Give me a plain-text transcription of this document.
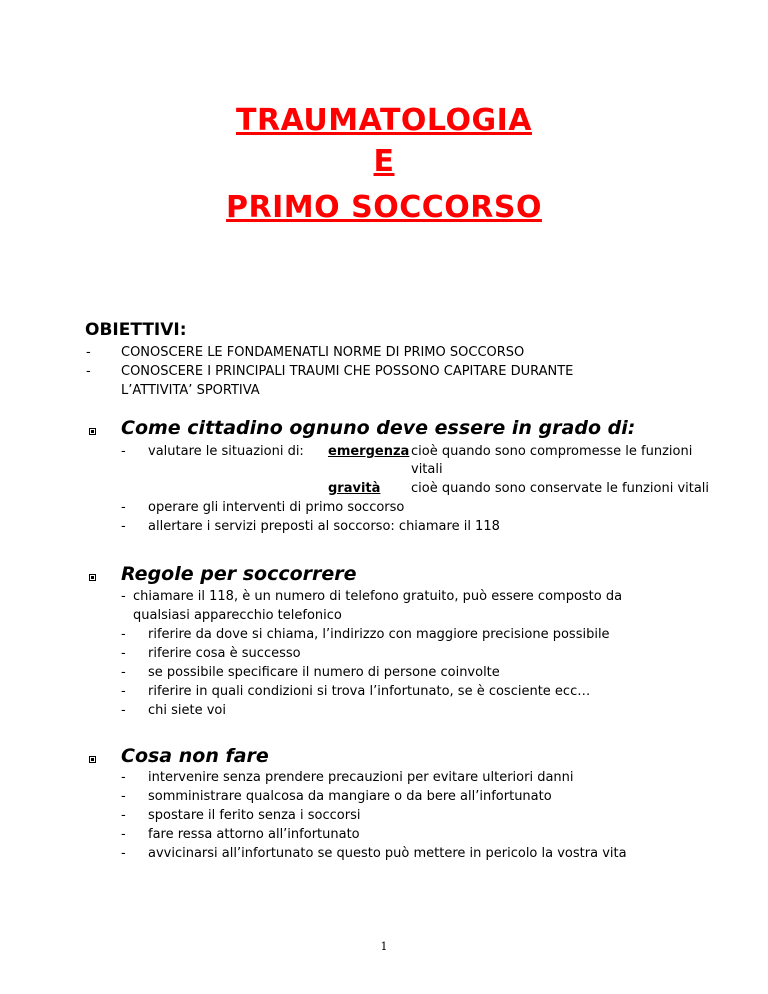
TRAUMATOLOGIA
E
PRIMO SOCCORSO
OBIETTIVI:
- CONOSCERE LE FONDAMENATLI NORME DI PRIMO SOCCORSO
- CONOSCERE I PRINCIPALI TRAUMI CHE POSSONO CAPITARE DURANTE
L’ATTIVITA’ SPORTIVA
Come cittadino ognuno deve essere in grado di:
- valutare le situazioni di: emergenza cioè quando sono compromesse le funzioni
vitali
gravità cioè quando sono conservate le funzioni vitali
- operare gli interventi di primo soccorso
- allertare i servizi preposti al soccorso: chiamare il 118
Regole per soccorrere
- chiamare il 118, è un numero di telefono gratuito, può essere composto da
qualsiasi apparecchio telefonico
- riferire da dove si chiama, l’indirizzo con maggiore precisione possibile
- riferire cosa è successo
- se possibile specificare il numero di persone coinvolte
- riferire in quali condizioni si trova l’infortunato, se è cosciente ecc…
- chi siete voi
Cosa non fare
- intervenire senza prendere precauzioni per evitare ulteriori danni
- somministrare qualcosa da mangiare o da bere all’infortunato
- spostare il ferito senza i soccorsi
- fare ressa attorno all’infortunato
- avvicinarsi all’infortunato se questo può mettere in pericolo la vostra vita
1
